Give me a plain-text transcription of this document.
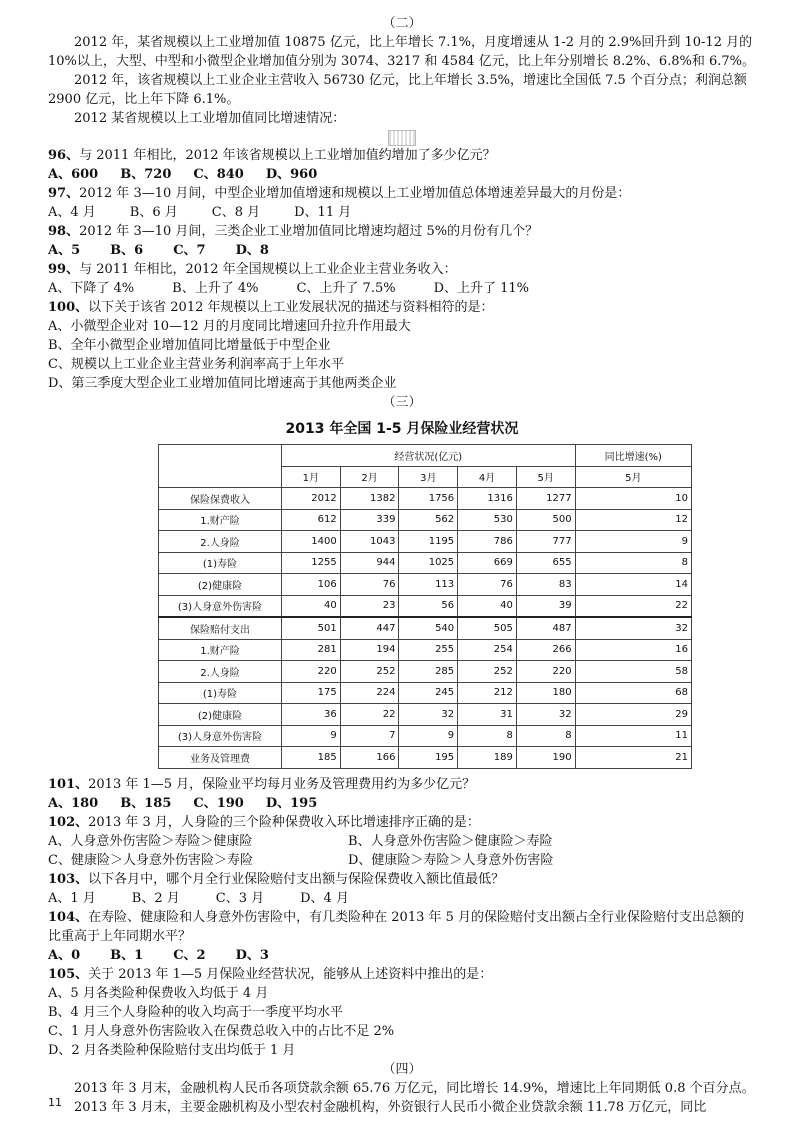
（二）

2012 年，某省规模以上工业增加值 10875 亿元，比上年增长 7.1%，月度增速从 1-2 月的 2.9%回升到 10-12 月的 10%以上，大型、中型和小微型企业增加值分别为 3074、3217 和 4584 亿元，比上年分别增长 8.2%、6.8%和 6.7%。

2012 年，该省规模以上工业企业主营收入 56730 亿元，比上年增长 3.5%，增速比全国低 7.5 个百分点；利润总额 2900 亿元，比上年下降 6.1%。

2012 某省规模以上工业增加值同比增速情况：

96、与 2011 年相比，2012 年该省规模以上工业增加值约增加了多少亿元？

A、600 B、720 C、840 D、960

97、2012 年 3—10 月间，中型企业增加值增速和规模以上工业增加值总体增速差异最大的月份是：

A、4 月	B、6 月	C、8 月	D、11 月

98、2012 年 3—10 月间，三类企业工业增加值同比增速均超过 5%的月份有几个？

A、5 B、6 C、7 D、8

99、与 2011 年相比，2012 年全国规模以上工业企业主营业务收入：

A、下降了 4%	B、上升了 4%	C、上升了 7.5%	D、上升了 11%

100、以下关于该省 2012 年规模以上工业发展状况的描述与资料相符的是：

A、小微型企业对 10—12 月的月度同比增速回升拉升作用最大

B、全年小微型企业增加值同比增量低于中型企业

C、规模以上工业企业主营业务利润率高于上年水平

D、第三季度大型企业工业增加值同比增速高于其他两类企业

（三）

2013 年全国 1-5 月保险业经营状况
	经营状况(亿元)					同比增速(%)
	1月	2月	3月	4月	5月	5月
保险保费收入	2012	1382	1756	1316	1277	10
1.财产险	612	339	562	530	500	12
2.人身险	1400	1043	1195	786	777	9
(1)寿险	1255	944	1025	669	655	8
(2)健康险	106	76	113	76	83	14
(3)人身意外伤害险	40	23	56	40	39	22
保险赔付支出	501	447	540	505	487	32
1.财产险	281	194	255	254	266	16
2.人身险	220	252	285	252	220	58
(1)寿险	175	224	245	212	180	68
(2)健康险	36	22	32	31	32	29
(3)人身意外伤害险	9	7	9	8	8	11
业务及管理费	185	166	195	189	190	21

101、2013 年 1—5 月，保险业平均每月业务及管理费用约为多少亿元？

A、180 B、185 C、190 D、195

102、2013 年 3 月，人身险的三个险种保费收入环比增速排序正确的是：

A、人身意外伤害险＞寿险＞健康险	B、人身意外伤害险＞健康险＞寿险

C、健康险＞人身意外伤害险＞寿险	D、健康险＞寿险＞人身意外伤害险

103、以下各月中，哪个月全行业保险赔付支出额与保险保费收入额比值最低？

A、1 月	B、2 月	C、3 月	D、4 月

104、在寿险、健康险和人身意外伤害险中，有几类险种在 2013 年 5 月的保险赔付支出额占全行业保险赔付支出总额的比重高于上年同期水平？

A、0 B、1 C、2 D、3

105、关于 2013 年 1—5 月保险业经营状况，能够从上述资料中推出的是：

A、5 月各类险种保费收入均低于 4 月

B、4 月三个人身险种的收入均高于一季度平均水平

C、1 月人身意外伤害险收入在保费总收入中的占比不足 2%

D、2 月各类险种保险赔付支出均低于 1 月

（四）

2013 年 3 月末，金融机构人民币各项贷款余额 65.76 万亿元，同比增长 14.9%，增速比上年同期低 0.8 个百分点。

2013 年 3 月末，主要金融机构及小型农村金融机构，外资银行人民币小微企业贷款余额 11.78 万亿元，同比

11
